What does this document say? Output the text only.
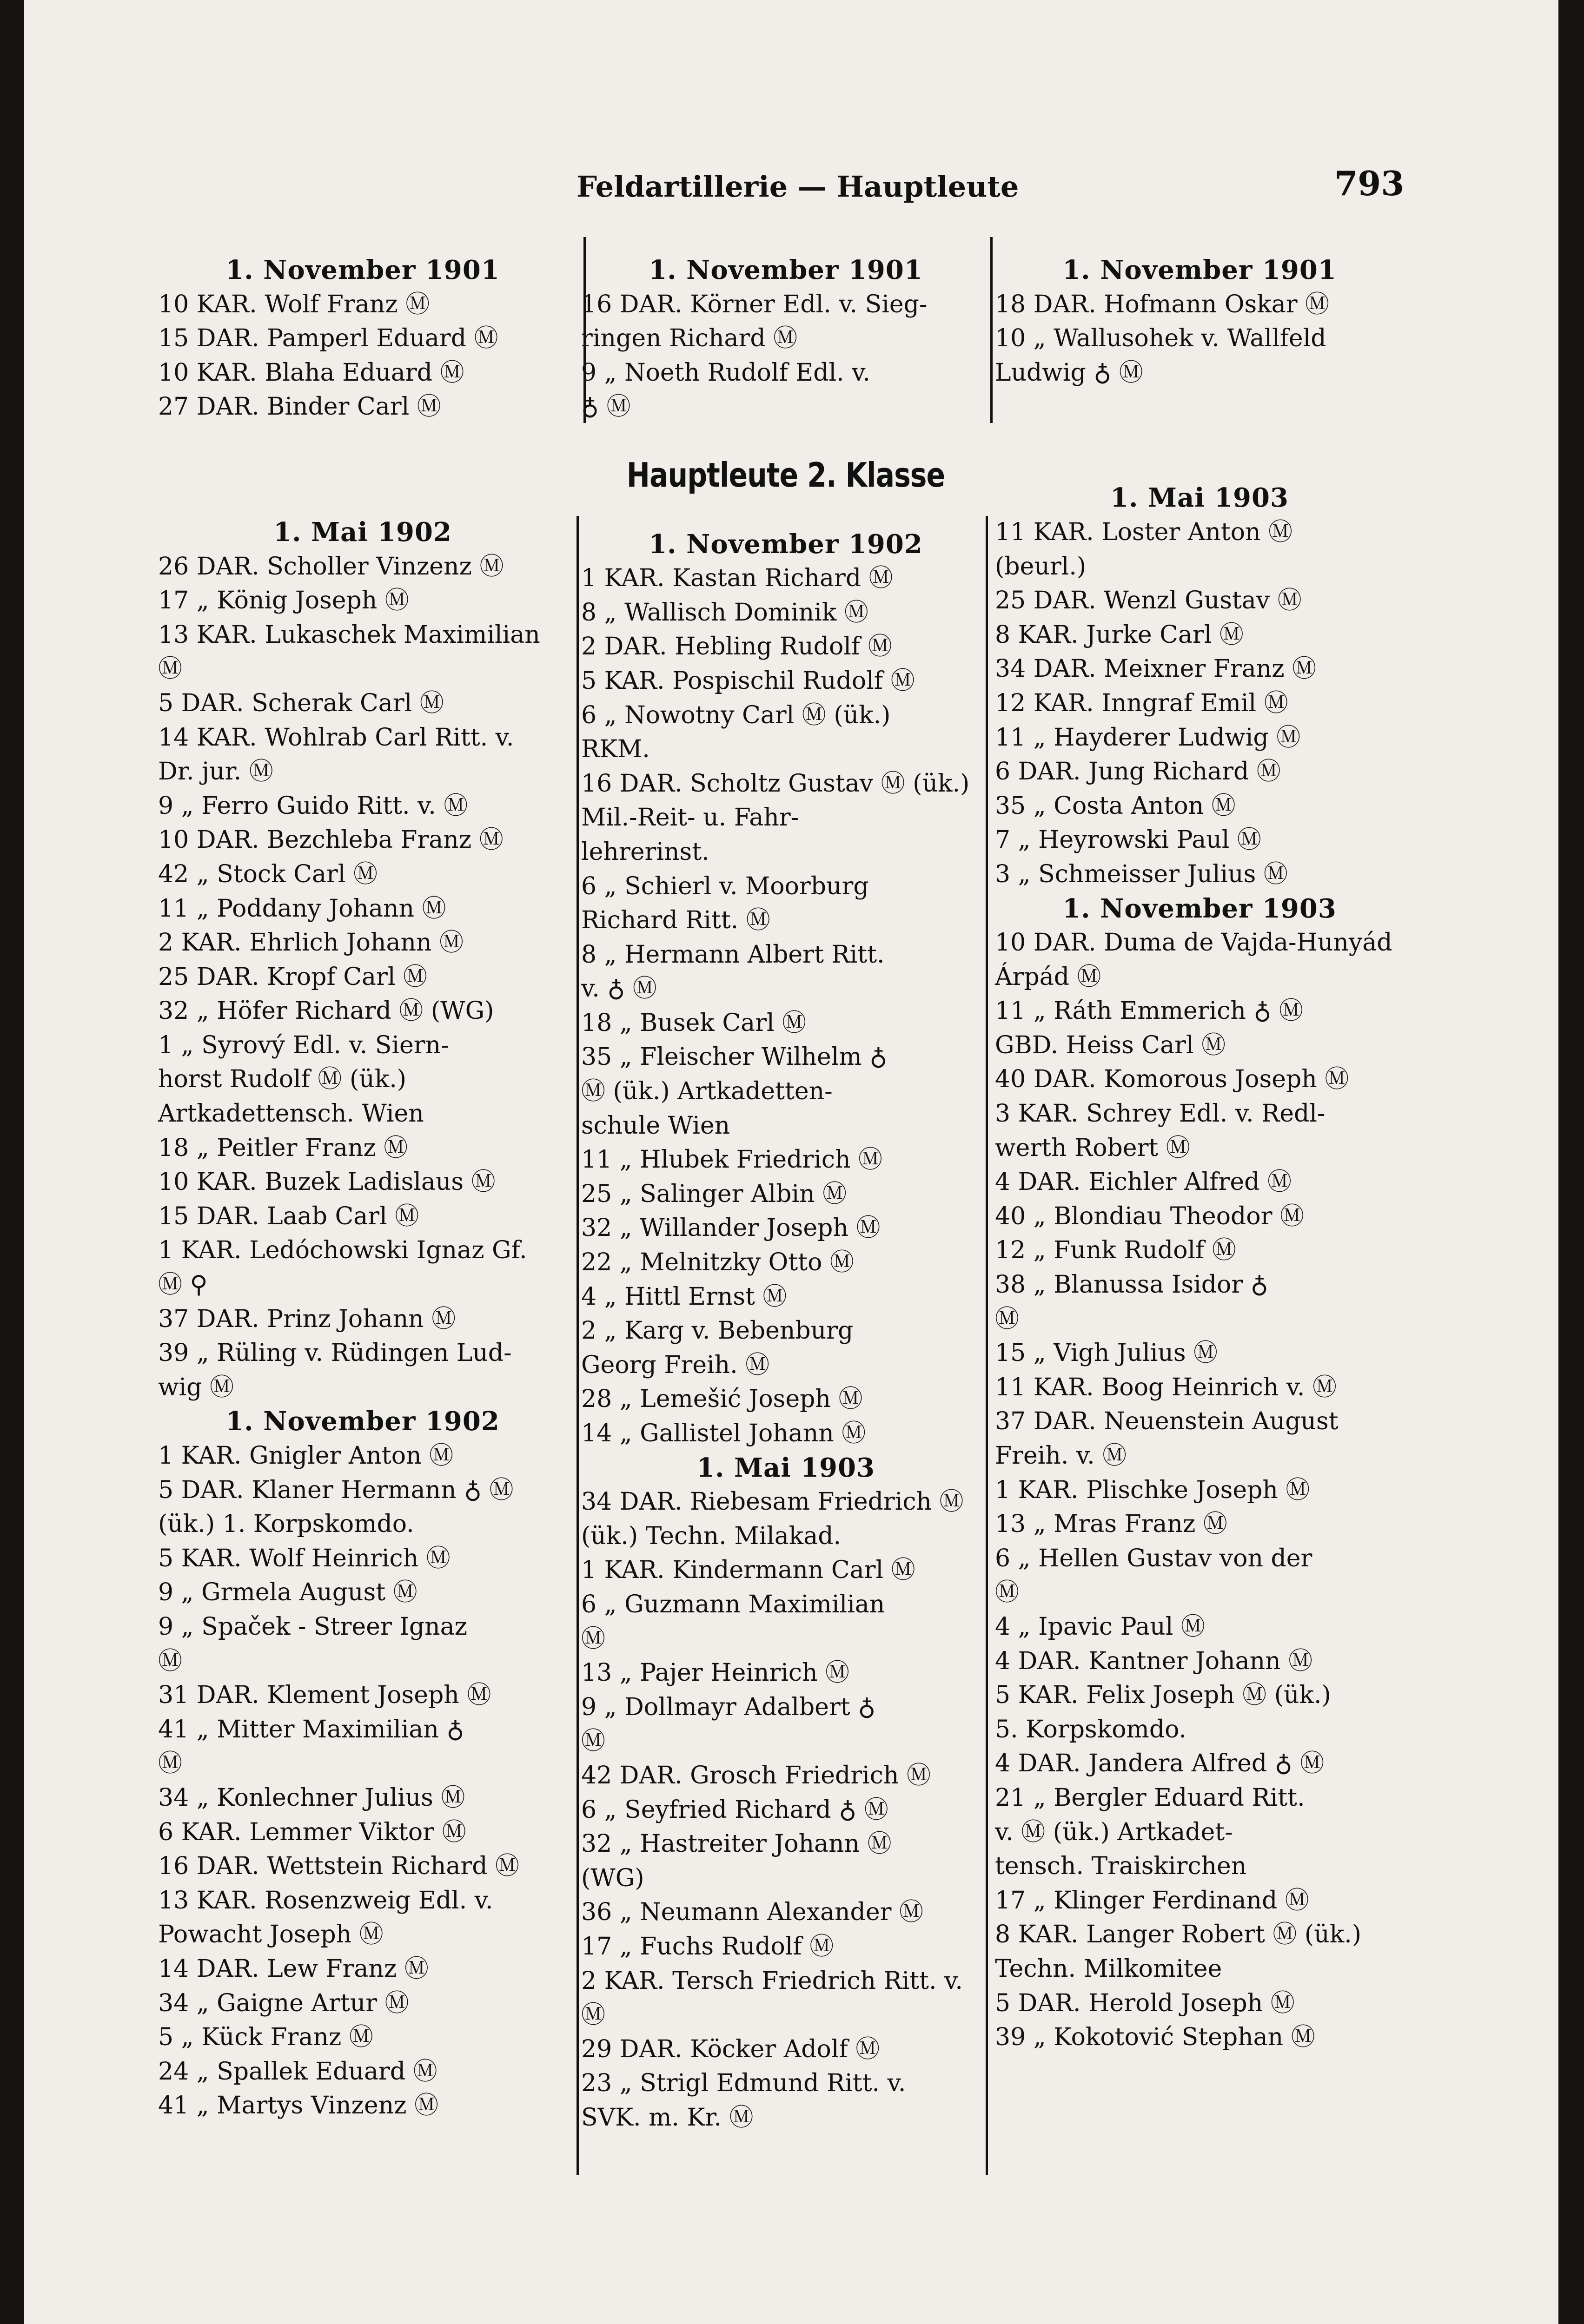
Feldartillerie — Hauptleute	793
1. November 1901
10 KAR. Wolf Franz Ⓜ
15 DAR. Pamperl Eduard Ⓜ
10 KAR. Blaha Eduard Ⓜ
27 DAR. Binder Carl Ⓜ
1. Mai 1902
26 DAR. Scholler Vinzenz Ⓜ
17 „ König Joseph Ⓜ
13 KAR. Lukaschek Maximilian
Ⓜ
5 DAR. Scherak Carl Ⓜ
14 KAR. Wohlrab Carl Ritt. v.
Dr. jur. Ⓜ
9 „ Ferro Guido Ritt. v. Ⓜ
10 DAR. Bezchleba Franz Ⓜ
42 „ Stock Carl Ⓜ
11 „ Poddany Johann Ⓜ
2 KAR. Ehrlich Johann Ⓜ
25 DAR. Kropf Carl Ⓜ
32 „ Höfer Richard Ⓜ (WG)
1 „ Syrový Edl. v. Siern-
horst Rudolf Ⓜ (ük.)
Artkadettensch. Wien
18 „ Peitler Franz Ⓜ
10 KAR. Buzek Ladislaus Ⓜ
15 DAR. Laab Carl Ⓜ
1 KAR. Ledóchowski Ignaz Gf.
Ⓜ ⚲
37 DAR. Prinz Johann Ⓜ
39 „ Rüling v. Rüdingen Lud-
wig Ⓜ
1. November 1902
1 KAR. Gnigler Anton Ⓜ
5 DAR. Klaner Hermann ♁ Ⓜ
(ük.) 1. Korpskomdo.
5 KAR. Wolf Heinrich Ⓜ
9 „ Grmela August Ⓜ
9 „ Spaček - Streer Ignaz
Ⓜ
31 DAR. Klement Joseph Ⓜ
41 „ Mitter Maximilian ♁
Ⓜ
34 „ Konlechner Julius Ⓜ
6 KAR. Lemmer Viktor Ⓜ
16 DAR. Wettstein Richard Ⓜ
13 KAR. Rosenzweig Edl. v.
Powacht Joseph Ⓜ
14 DAR. Lew Franz Ⓜ
34 „ Gaigne Artur Ⓜ
5 „ Kück Franz Ⓜ
24 „ Spallek Eduard Ⓜ
41 „ Martys Vinzenz Ⓜ
1. November 1901
16 DAR. Körner Edl. v. Sieg-
ringen Richard Ⓜ
9 „ Noeth Rudolf Edl. v.
♁ Ⓜ
Hauptleute 2. Klasse
1. November 1902
1 KAR. Kastan Richard Ⓜ
8 „ Wallisch Dominik Ⓜ
2 DAR. Hebling Rudolf Ⓜ
5 KAR. Pospischil Rudolf Ⓜ
6 „ Nowotny Carl Ⓜ (ük.)
RKM.
16 DAR. Scholtz Gustav Ⓜ (ük.)
Mil.-Reit- u. Fahr-
lehrerinst.
6 „ Schierl v. Moorburg
Richard Ritt. Ⓜ
8 „ Hermann Albert Ritt.
v. ♁ Ⓜ
18 „ Busek Carl Ⓜ
35 „ Fleischer Wilhelm ♁
Ⓜ (ük.) Artkadetten-
schule Wien
11 „ Hlubek Friedrich Ⓜ
25 „ Salinger Albin Ⓜ
32 „ Willander Joseph Ⓜ
22 „ Melnitzky Otto Ⓜ
4 „ Hittl Ernst Ⓜ
2 „ Karg v. Bebenburg
Georg Freih. Ⓜ
28 „ Lemešić Joseph Ⓜ
14 „ Gallistel Johann Ⓜ
1. Mai 1903
34 DAR. Riebesam Friedrich Ⓜ
(ük.) Techn. Milakad.
1 KAR. Kindermann Carl Ⓜ
6 „ Guzmann Maximilian
Ⓜ
13 „ Pajer Heinrich Ⓜ
9 „ Dollmayr Adalbert ♁
Ⓜ
42 DAR. Grosch Friedrich Ⓜ
6 „ Seyfried Richard ♁ Ⓜ
32 „ Hastreiter Johann Ⓜ
(WG)
36 „ Neumann Alexander Ⓜ
17 „ Fuchs Rudolf Ⓜ
2 KAR. Tersch Friedrich Ritt. v.
Ⓜ
29 DAR. Köcker Adolf Ⓜ
23 „ Strigl Edmund Ritt. v.
SVK. m. Kr. Ⓜ
1. November 1901
18 DAR. Hofmann Oskar Ⓜ
10 „ Wallusohek v. Wallfeld
Ludwig ♁ Ⓜ
1. Mai 1903
11 KAR. Loster Anton Ⓜ
(beurl.)
25 DAR. Wenzl Gustav Ⓜ
8 KAR. Jurke Carl Ⓜ
34 DAR. Meixner Franz Ⓜ
12 KAR. Inngraf Emil Ⓜ
11 „ Hayderer Ludwig Ⓜ
6 DAR. Jung Richard Ⓜ
35 „ Costa Anton Ⓜ
7 „ Heyrowski Paul Ⓜ
3 „ Schmeisser Julius Ⓜ
1. November 1903
10 DAR. Duma de Vajda-Hunyád
Árpád Ⓜ
11 „ Ráth Emmerich ♁ Ⓜ
GBD. Heiss Carl Ⓜ
40 DAR. Komorous Joseph Ⓜ
3 KAR. Schrey Edl. v. Redl-
werth Robert Ⓜ
4 DAR. Eichler Alfred Ⓜ
40 „ Blondiau Theodor Ⓜ
12 „ Funk Rudolf Ⓜ
38 „ Blanussa Isidor ♁
Ⓜ
15 „ Vigh Julius Ⓜ
11 KAR. Boog Heinrich v. Ⓜ
37 DAR. Neuenstein August
Freih. v. Ⓜ
1 KAR. Plischke Joseph Ⓜ
13 „ Mras Franz Ⓜ
6 „ Hellen Gustav von der
Ⓜ
4 „ Ipavic Paul Ⓜ
4 DAR. Kantner Johann Ⓜ
5 KAR. Felix Joseph Ⓜ (ük.)
5. Korpskomdo.
4 DAR. Jandera Alfred ♁ Ⓜ
21 „ Bergler Eduard Ritt.
v. Ⓜ (ük.) Artkadet-
tensch. Traiskirchen
17 „ Klinger Ferdinand Ⓜ
8 KAR. Langer Robert Ⓜ (ük.)
Techn. Milkomitee
5 DAR. Herold Joseph Ⓜ
39 „ Kokotović Stephan Ⓜ
